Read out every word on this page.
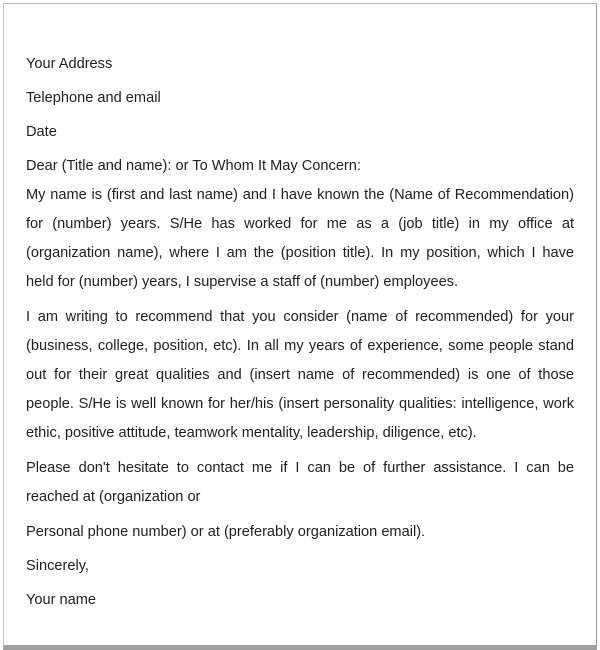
Your Address
Telephone and email
Date
Dear (Title and name): or To Whom It May Concern:
My name is (first and last name) and I have known the (Name of Recommendation)
for (number) years. S/He has worked for me as a (job title) in my office at
(organization name), where I am the (position title). In my position, which I have
held for (number) years, I supervise a staff of (number) employees.
I am writing to recommend that you consider (name of recommended) for your
(business, college, position, etc). In all my years of experience, some people stand
out for their great qualities and (insert name of recommended) is one of those
people. S/He is well known for her/his (insert personality qualities: intelligence, work
ethic, positive attitude, teamwork mentality, leadership, diligence, etc).
Please don't hesitate to contact me if I can be of further assistance. I can be
reached at (organization or
Personal phone number) or at (preferably organization email).
Sincerely,
Your name
